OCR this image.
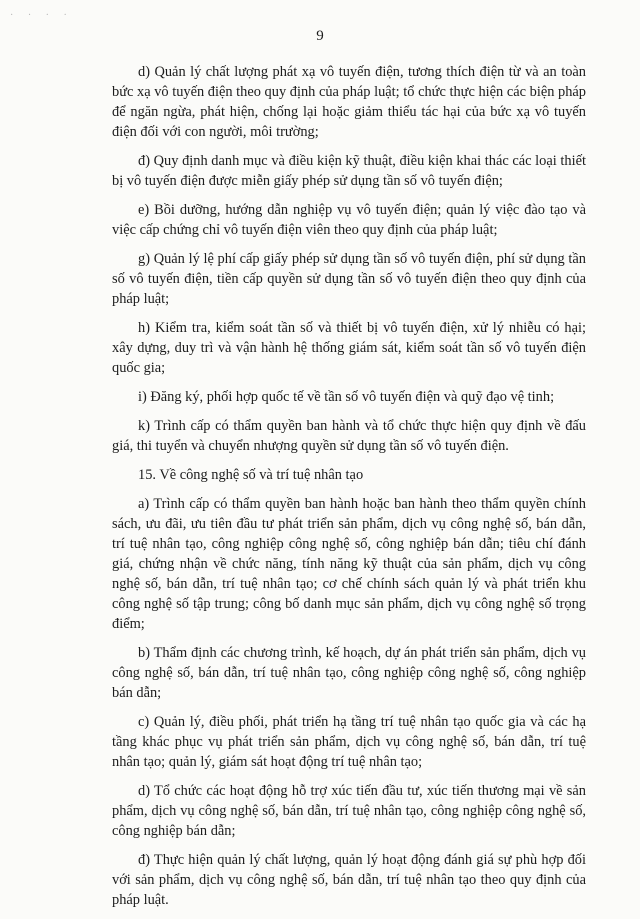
· · · ·
9

d) Quản lý chất lượng phát xạ vô tuyến điện, tương thích điện từ và an toàn bức xạ vô tuyến điện theo quy định của pháp luật; tổ chức thực hiện các biện pháp để ngăn ngừa, phát hiện, chống lại hoặc giảm thiểu tác hại của bức xạ vô tuyến điện đối với con người, môi trường;

đ) Quy định danh mục và điều kiện kỹ thuật, điều kiện khai thác các loại thiết bị vô tuyến điện được miễn giấy phép sử dụng tần số vô tuyến điện;

e) Bồi dưỡng, hướng dẫn nghiệp vụ vô tuyến điện; quản lý việc đào tạo và việc cấp chứng chỉ vô tuyến điện viên theo quy định của pháp luật;

g) Quản lý lệ phí cấp giấy phép sử dụng tần số vô tuyến điện, phí sử dụng tần số vô tuyến điện, tiền cấp quyền sử dụng tần số vô tuyến điện theo quy định của pháp luật;

h) Kiểm tra, kiểm soát tần số và thiết bị vô tuyến điện, xử lý nhiễu có hại; xây dựng, duy trì và vận hành hệ thống giám sát, kiểm soát tần số vô tuyến điện quốc gia;

i) Đăng ký, phối hợp quốc tế về tần số vô tuyến điện và quỹ đạo vệ tinh;

k) Trình cấp có thẩm quyền ban hành và tổ chức thực hiện quy định về đấu giá, thi tuyển và chuyển nhượng quyền sử dụng tần số vô tuyến điện.

15. Về công nghệ số và trí tuệ nhân tạo

a) Trình cấp có thẩm quyền ban hành hoặc ban hành theo thẩm quyền chính sách, ưu đãi, ưu tiên đầu tư phát triển sản phẩm, dịch vụ công nghệ số, bán dẫn, trí tuệ nhân tạo, công nghiệp công nghệ số, công nghiệp bán dẫn; tiêu chí đánh giá, chứng nhận về chức năng, tính năng kỹ thuật của sản phẩm, dịch vụ công nghệ số, bán dẫn, trí tuệ nhân tạo; cơ chế chính sách quản lý và phát triển khu công nghệ số tập trung; công bố danh mục sản phẩm, dịch vụ công nghệ số trọng điểm;

b) Thẩm định các chương trình, kế hoạch, dự án phát triển sản phẩm, dịch vụ công nghệ số, bán dẫn, trí tuệ nhân tạo, công nghiệp công nghệ số, công nghiệp bán dẫn;

c) Quản lý, điều phối, phát triển hạ tầng trí tuệ nhân tạo quốc gia và các hạ tầng khác phục vụ phát triển sản phẩm, dịch vụ công nghệ số, bán dẫn, trí tuệ nhân tạo; quản lý, giám sát hoạt động trí tuệ nhân tạo;

d) Tổ chức các hoạt động hỗ trợ xúc tiến đầu tư, xúc tiến thương mại về sản phẩm, dịch vụ công nghệ số, bán dẫn, trí tuệ nhân tạo, công nghiệp công nghệ số, công nghiệp bán dẫn;

đ) Thực hiện quản lý chất lượng, quản lý hoạt động đánh giá sự phù hợp đối với sản phẩm, dịch vụ công nghệ số, bán dẫn, trí tuệ nhân tạo theo quy định của pháp luật.
